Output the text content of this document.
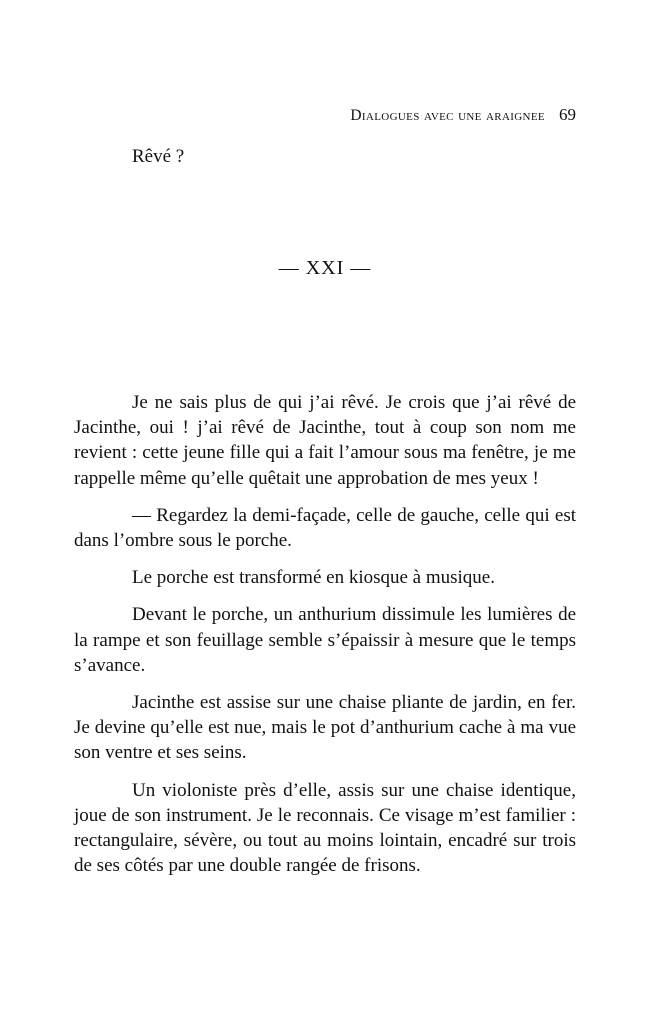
Dialogues avec une araignee 69
Rêvé ?
— XXI —

Je ne sais plus de qui j’ai rêvé. Je crois que j’ai rêvé de Jacinthe, oui ! j’ai rêvé de Jacinthe, tout à coup son nom me revient : cette jeune fille qui a fait l’amour sous ma fenêtre, je me rappelle même qu’elle quêtait une approbation de mes yeux !

— Regardez la demi-façade, celle de gauche, celle qui est dans l’ombre sous le porche.

Le porche est transformé en kiosque à musique.

Devant le porche, un anthurium dissimule les lumières de la rampe et son feuillage semble s’épaissir à mesure que le temps s’avance.

Jacinthe est assise sur une chaise pliante de jardin, en fer. Je devine qu’elle est nue, mais le pot d’anthurium cache à ma vue son ventre et ses seins.

Un violoniste près d’elle, assis sur une chaise identique, joue de son instrument. Je le reconnais. Ce visage m’est familier : rectangulaire, sévère, ou tout au moins lointain, encadré sur trois de ses côtés par une double rangée de frisons.
